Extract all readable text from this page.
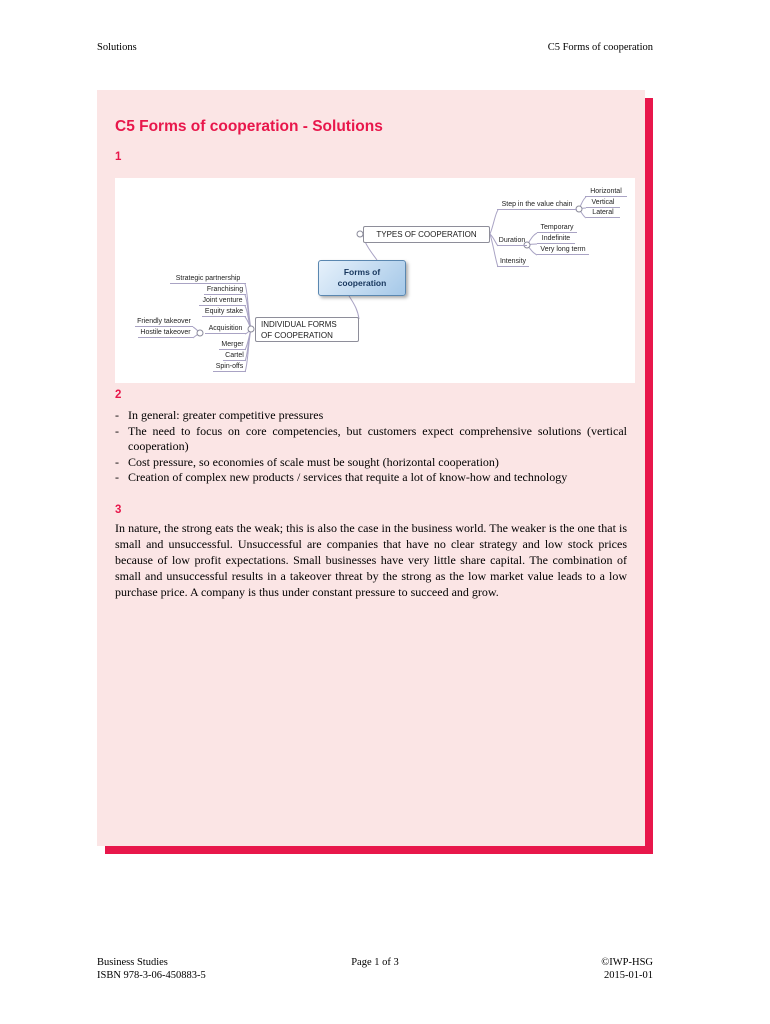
Solutions	C5 Forms of cooperation
C5 Forms of cooperation - Solutions
1
Forms of
cooperation
TYPES OF COOPERATION
INDIVIDUAL FORMS
OF COOPERATION
Step in the value chain
Horizontal
Vertical
Lateral
Duration
Temporary
Indefinite
Very long term
Intensity
Strategic partnership
Franchising
Joint venture
Equity stake
Acquisition
Merger
Cartel
Spin-offs
Friendly takeover
Hostile takeover
2
- In general: greater competitive pressures
- The need to focus on core competencies, but customers expect comprehensive solutions (vertical cooperation)
- Cost pressure, so economies of scale must be sought (horizontal cooperation)
- Creation of complex new products / services that requite a lot of know-how and technology
3
In nature, the strong eats the weak; this is also the case in the business world. The weaker is the one that is small and unsuccessful. Unsuccessful are companies that have no clear strategy and low stock prices because of low profit expectations. Small businesses have very little share capital. The combination of small and unsuccessful results in a takeover threat by the strong as the low market value leads to a low purchase price. A company is thus under constant pressure to succeed and grow.
Business Studies
ISBN 978-3-06-450883-5
Page 1 of 3	©IWP-HSG
2015-01-01
